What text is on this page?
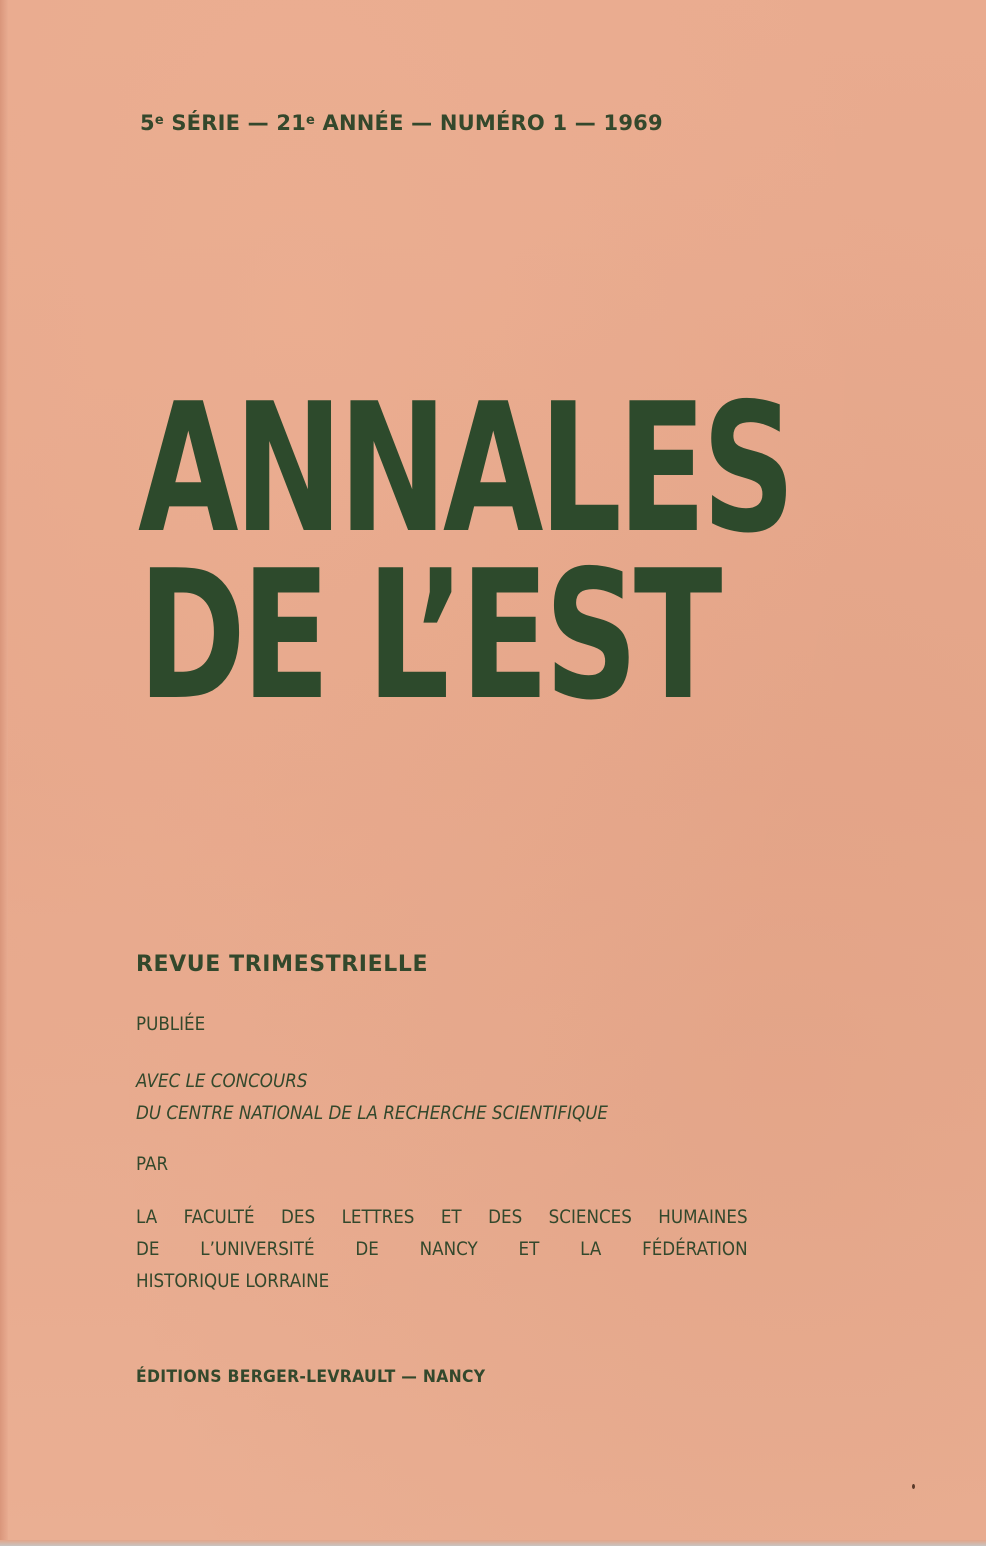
5e SÉRIE — 21e ANNÉE — NUMÉRO 1 — 1969
ANNALES
DE L’EST
REVUE TRIMESTRIELLE
PUBLIÉE
AVEC LE CONCOURS
DU CENTRE NATIONAL DE LA RECHERCHE SCIENTIFIQUE
PAR
LA FACULTÉ DES LETTRES ET DES SCIENCES HUMAINES
DE L’UNIVERSITÉ DE NANCY ET LA FÉDÉRATION
HISTORIQUE LORRAINE
ÉDITIONS BERGER-LEVRAULT — NANCY
